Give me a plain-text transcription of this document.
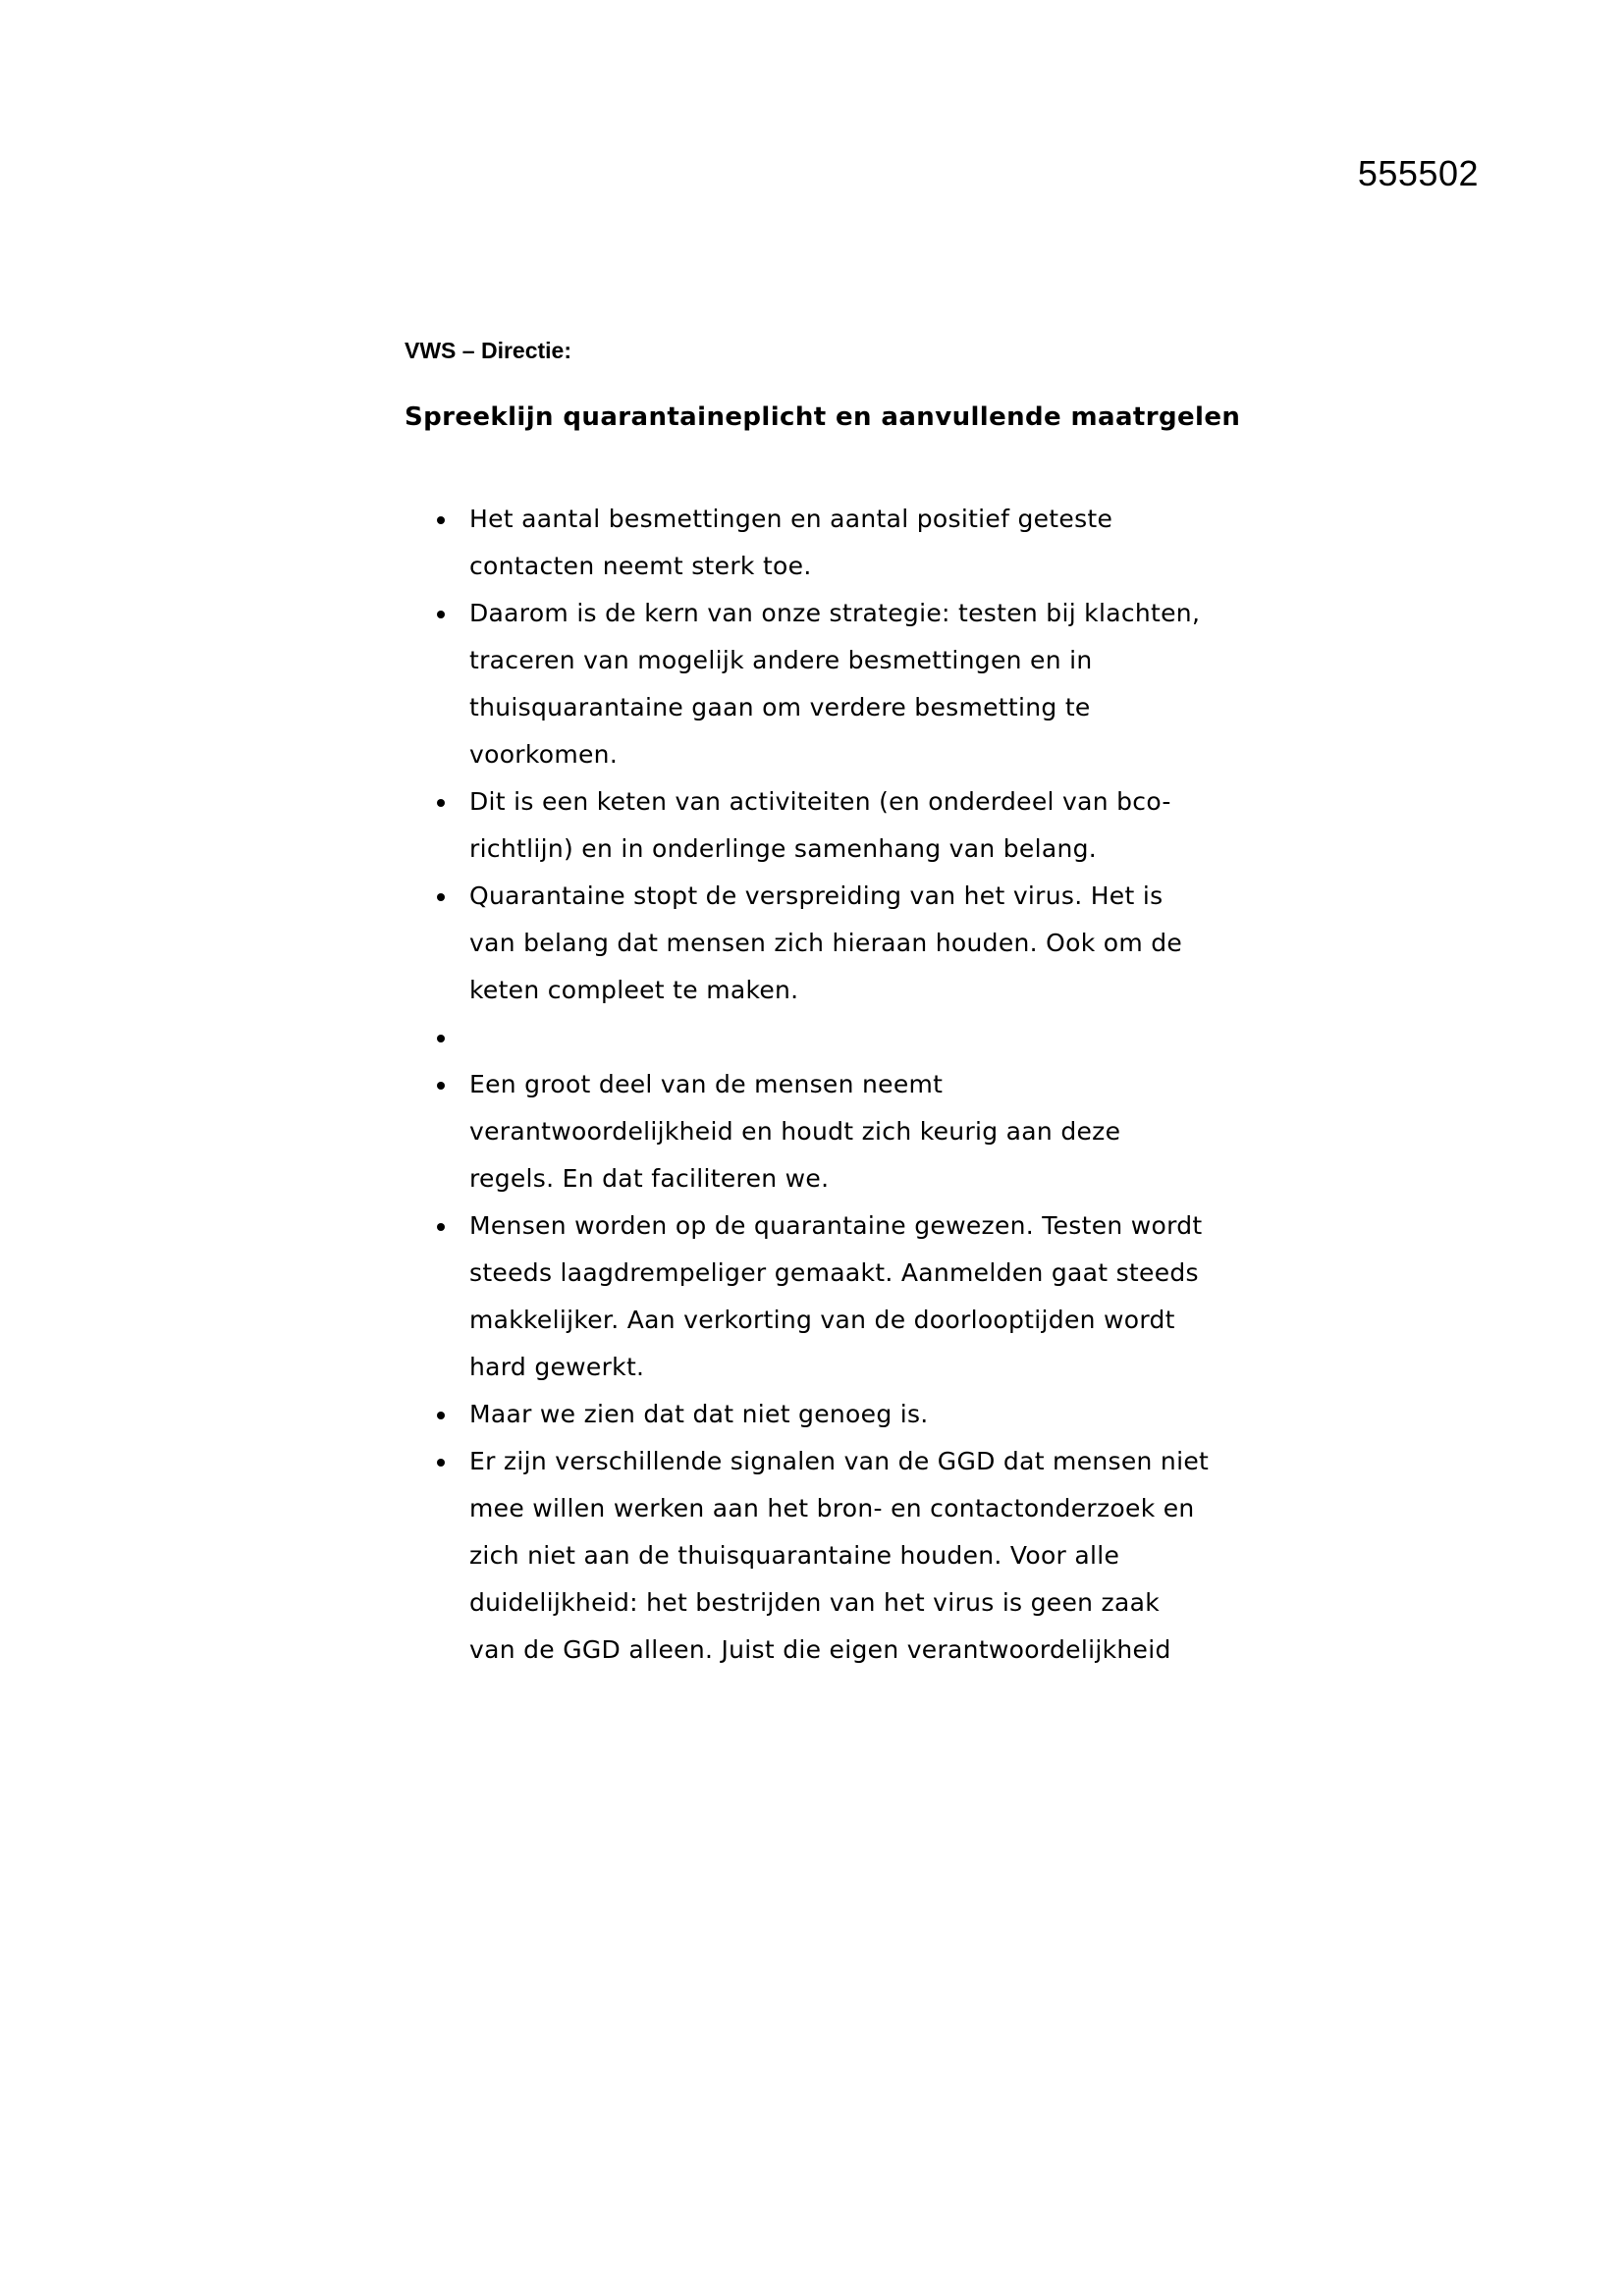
555502
VWS – Directie:
Spreeklijn quarantaineplicht en aanvullende maatrgelen
Het aantal besmettingen en aantal positief geteste
contacten neemt sterk toe.
Daarom is de kern van onze strategie: testen bij klachten,
traceren van mogelijk andere besmettingen en in
thuisquarantaine gaan om verdere besmetting te
voorkomen.
Dit is een keten van activiteiten (en onderdeel van bco-
richtlijn) en in onderlinge samenhang van belang.
Quarantaine stopt de verspreiding van het virus. Het is
van belang dat mensen zich hieraan houden. Ook om de
keten compleet te maken.
Een groot deel van de mensen neemt
verantwoordelijkheid en houdt zich keurig aan deze
regels. En dat faciliteren we.
Mensen worden op de quarantaine gewezen. Testen wordt
steeds laagdrempeliger gemaakt. Aanmelden gaat steeds
makkelijker. Aan verkorting van de doorlooptijden wordt
hard gewerkt.
Maar we zien dat dat niet genoeg is.
Er zijn verschillende signalen van de GGD dat mensen niet
mee willen werken aan het bron- en contactonderzoek en
zich niet aan de thuisquarantaine houden. Voor alle
duidelijkheid: het bestrijden van het virus is geen zaak
van de GGD alleen. Juist die eigen verantwoordelijkheid
